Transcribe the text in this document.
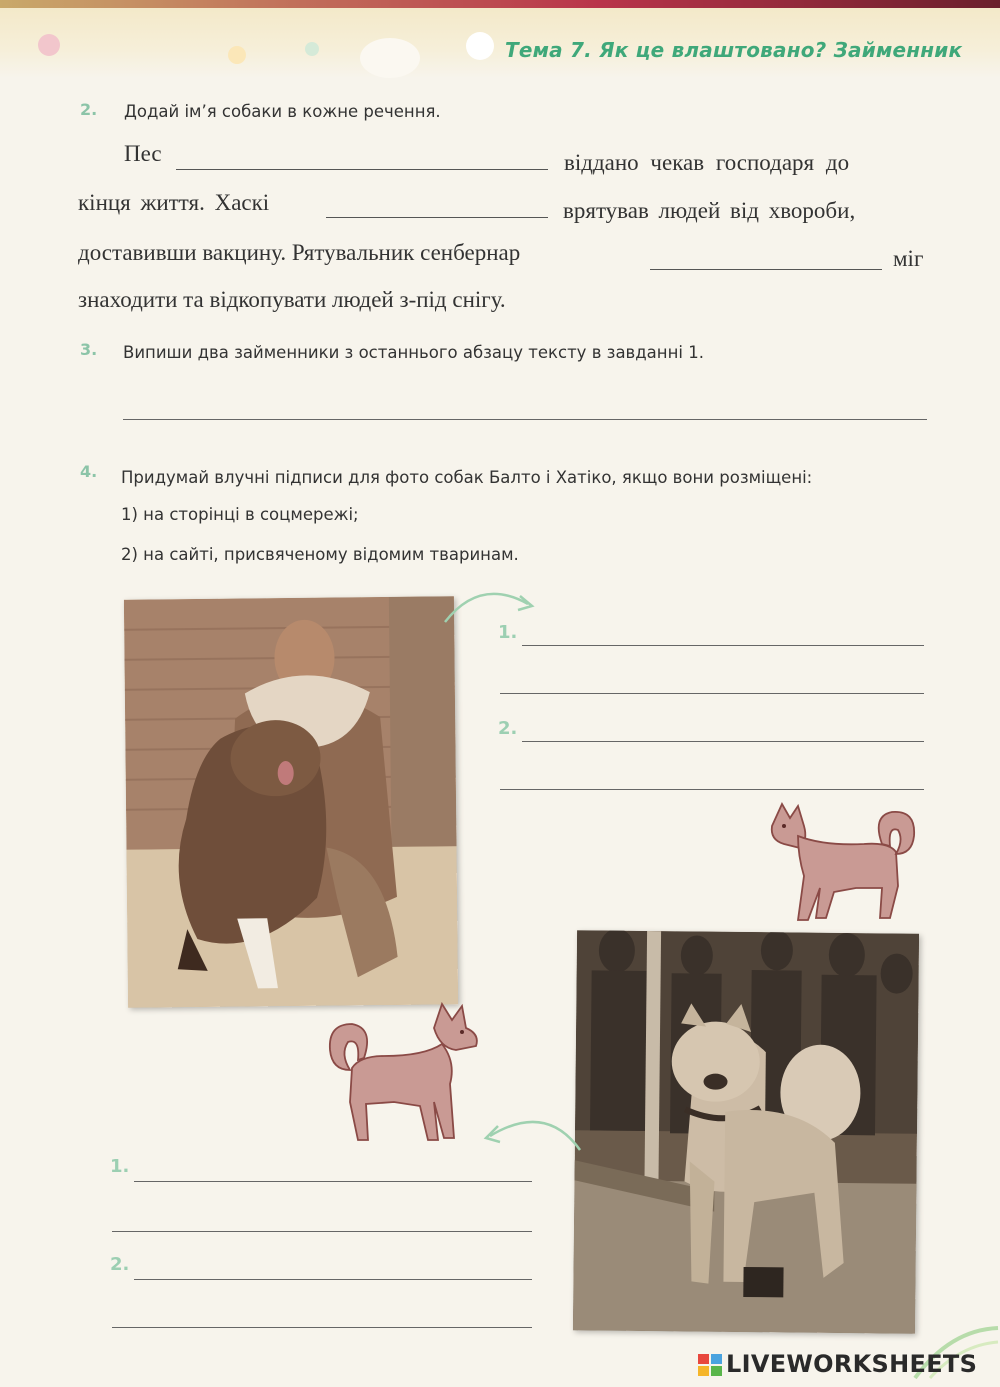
Тема 7. Як це влаштовано? Займенник
2. Додай ім’я собаки в кожне речення.
Пес	віддано чекав господаря до
кінця життя. Хаскі	врятував людей від хвороби,
доставивши вакцину. Рятувальник сенбернар	міг
знаходити та відкопувати людей з-під снігу.
3. Випиши два займенники з останнього абзацу тексту в завданні 1.
4. Придумай влучні підписи для фото собак Балто і Хатіко, якщо вони розміщені:
1) на сторінці в соцмережі;
2) на сайті, присвяченому відомим тваринам.
1.
2.
1.
2.
LIVEWORKSHEETS
